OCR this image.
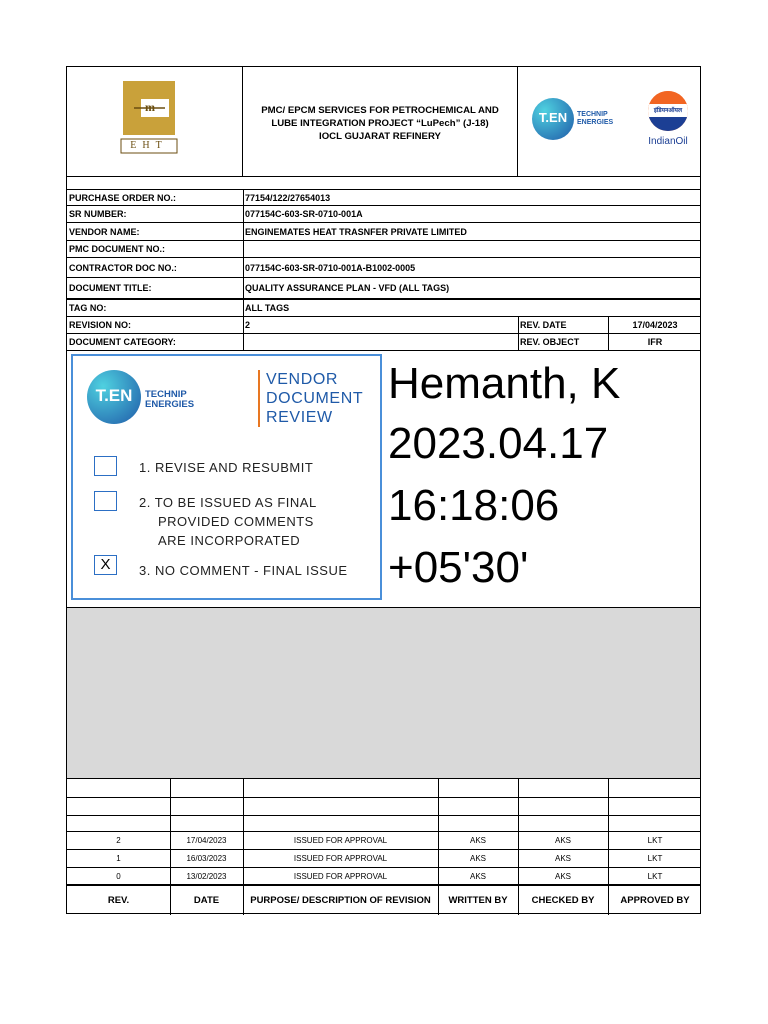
m
EHT
PMC/ EPCM SERVICES FOR PETROCHEMICAL AND
LUBE INTEGRATION PROJECT “LuPech” (J-18)
IOCL GUJARAT REFINERY
T.EN	TECHNIP
ENERGIES
इंडियनऑयल
IndianOil
PURCHASE ORDER NO.:	77154/122/27654013
SR NUMBER:	077154C-603-SR-0710-001A
VENDOR NAME:	ENGINEMATES HEAT TRASNFER PRIVATE LIMITED
PMC DOCUMENT NO.:
CONTRACTOR DOC NO.:	077154C-603-SR-0710-001A-B1002-0005
DOCUMENT TITLE:	QUALITY ASSURANCE PLAN - VFD (ALL TAGS)
TAG NO:	ALL TAGS
REVISION NO:	2	REV. DATE	17/04/2023
DOCUMENT CATEGORY:	REV. OBJECT	IFR
T.EN	TECHNIP
ENERGIES
VENDOR
DOCUMENT
REVIEW
1. REVISE AND RESUBMIT
2. TO BE ISSUED AS FINAL
PROVIDED COMMENTS
ARE INCORPORATED
X	3. NO COMMENT - FINAL ISSUE
Hemanth, K
2023.04.17
16:18:06
+05'30'
2	17/04/2023	ISSUED FOR APPROVAL	AKS	AKS	LKT
1	16/03/2023	ISSUED FOR APPROVAL	AKS	AKS	LKT
0	13/02/2023	ISSUED FOR APPROVAL	AKS	AKS	LKT
REV.	DATE	PURPOSE/ DESCRIPTION OF REVISION	WRITTEN BY	CHECKED BY	APPROVED BY
